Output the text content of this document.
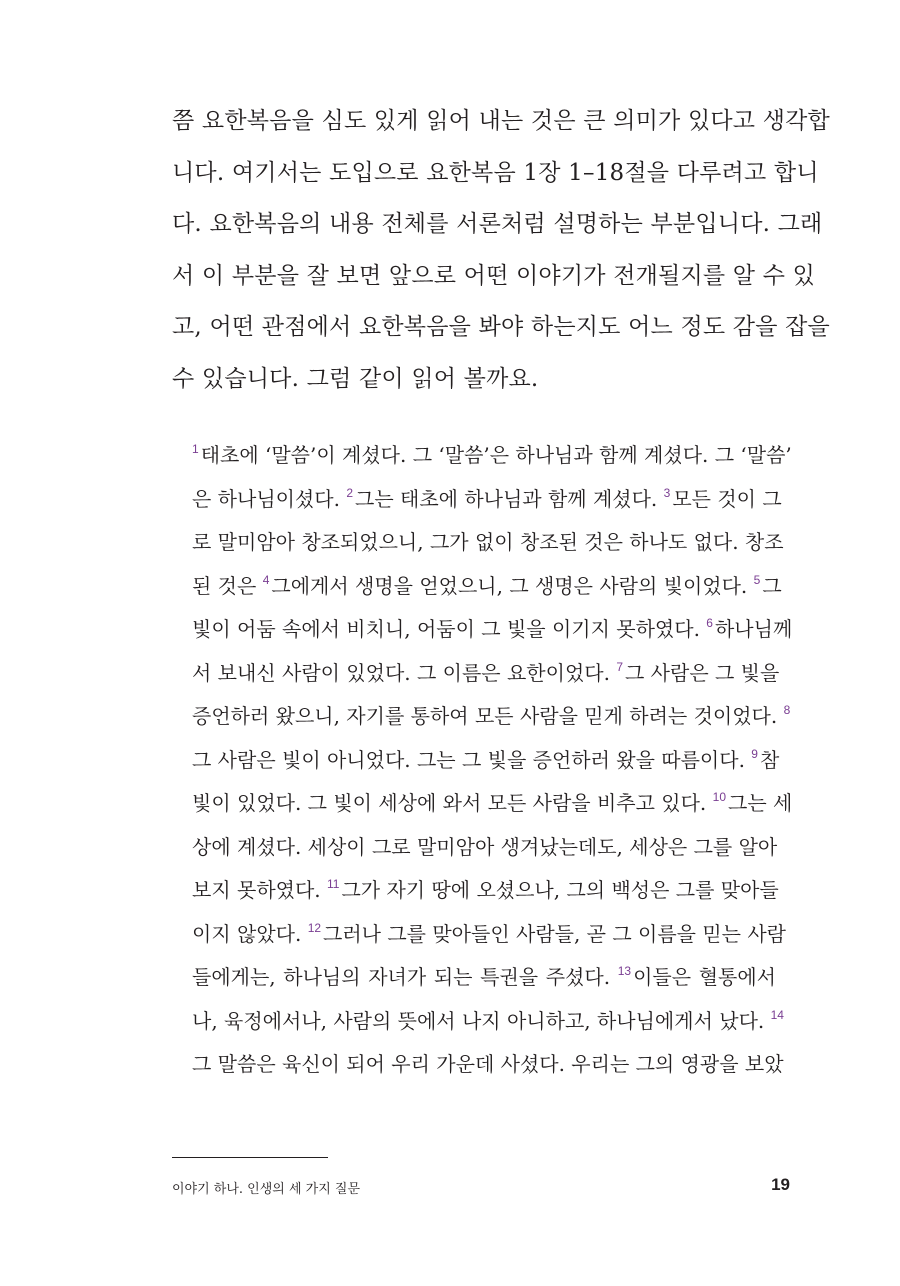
쯤 요한복음을 심도 있게 읽어 내는 것은 큰 의미가 있다고 생각합
니다. 여기서는 도입으로 요한복음 1장 1–18절을 다루려고 합니
다. 요한복음의 내용 전체를 서론처럼 설명하는 부분입니다. 그래
서 이 부분을 잘 보면 앞으로 어떤 이야기가 전개될지를 알 수 있
고, 어떤 관점에서 요한복음을 봐야 하는지도 어느 정도 감을 잡을
수 있습니다. 그럼 같이 읽어 볼까요.
$^1$ 태초에 ‘말씀’이 계셨다. 그 ‘말씀’은 하나님과 함께 계셨다. 그 ‘말씀’
은 하나님이셨다. $^2$ 그는 태초에 하나님과 함께 계셨다. $^3$ 모든 것이 그
로 말미암아 창조되었으니, 그가 없이 창조된 것은 하나도 없다. 창조
된 것은 $^4$ 그에게서 생명을 얻었으니, 그 생명은 사람의 빛이었다. $^5$ 그
빛이 어둠 속에서 비치니, 어둠이 그 빛을 이기지 못하였다. $^6$ 하나님께
서 보내신 사람이 있었다. 그 이름은 요한이었다. $^7$ 그 사람은 그 빛을
증언하러 왔으니, 자기를 통하여 모든 사람을 믿게 하려는 것이었다. $^8$
그 사람은 빛이 아니었다. 그는 그 빛을 증언하러 왔을 따름이다. $^9$ 참
빛이 있었다. 그 빛이 세상에 와서 모든 사람을 비추고 있다. $^{10}$ 그는 세
상에 계셨다. 세상이 그로 말미암아 생겨났는데도, 세상은 그를 알아
보지 못하였다. $^{11}$ 그가 자기 땅에 오셨으나, 그의 백성은 그를 맞아들
이지 않았다. $^{12}$ 그러나 그를 맞아들인 사람들, 곧 그 이름을 믿는 사람
들에게는, 하나님의 자녀가 되는 특권을 주셨다. $^{13}$ 이들은 혈통에서
나, 육정에서나, 사람의 뜻에서 나지 아니하고, 하나님에게서 났다. $^{14}$
그 말씀은 육신이 되어 우리 가운데 사셨다. 우리는 그의 영광을 보았
이야기 하나. 인생의 세 가지 질문	19
